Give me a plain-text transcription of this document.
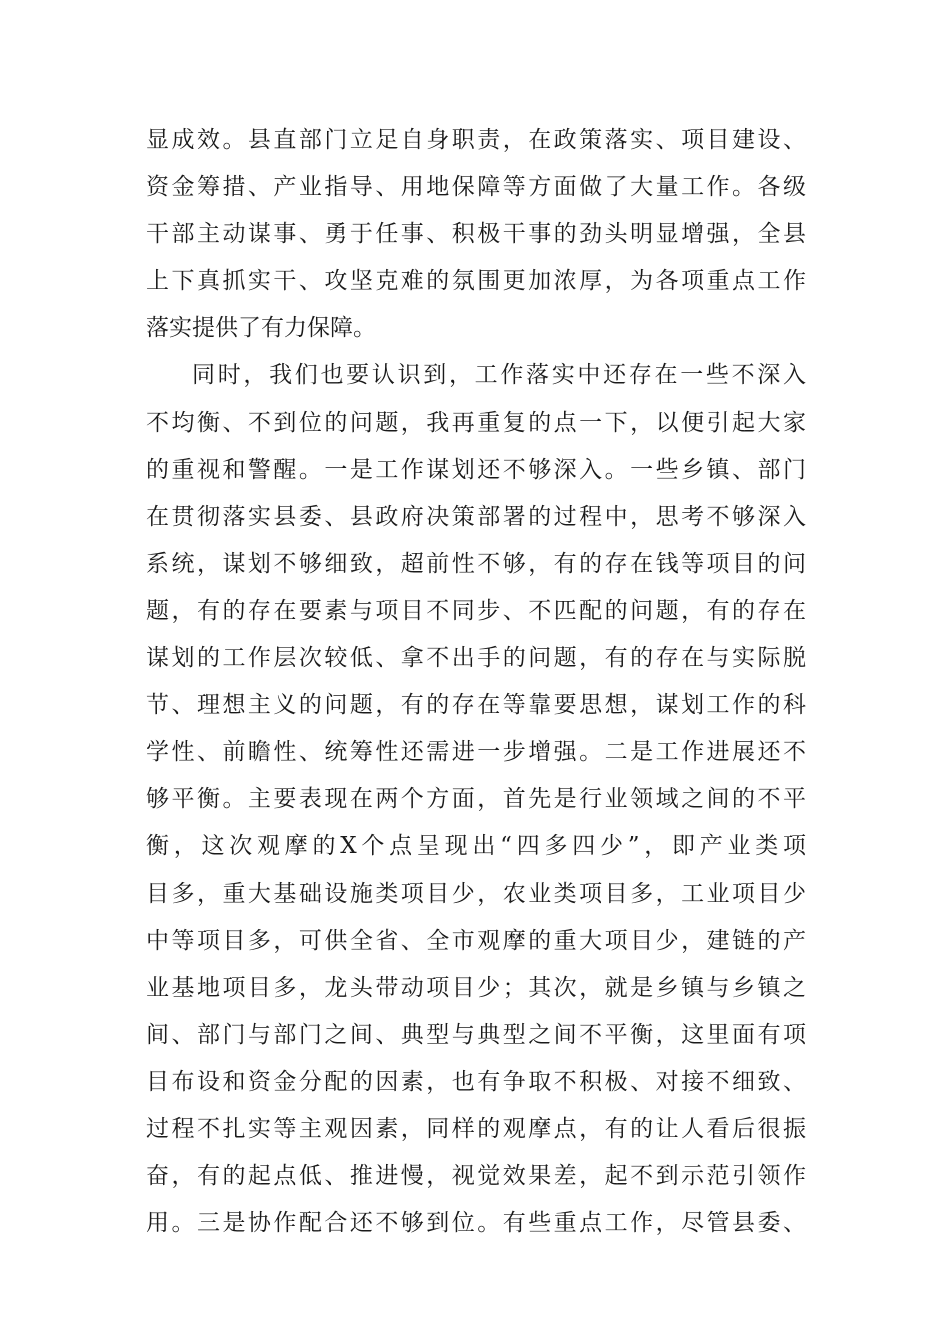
显成效。县直部门立足自身职责，在政策落实、项目建设、
资金筹措、产业指导、用地保障等方面做了大量工作。各级
干部主动谋事、勇于任事、积极干事的劲头明显增强，全县
上下真抓实干、攻坚克难的氛围更加浓厚，为各项重点工作
落实提供了有力保障。
同时，我们也要认识到，工作落实中还存在一些不深入
不均衡、不到位的问题，我再重复的点一下，以便引起大家
的重视和警醒。一是工作谋划还不够深入。一些乡镇、部门
在贯彻落实县委、县政府决策部署的过程中，思考不够深入
系统，谋划不够细致，超前性不够，有的存在钱等项目的问
题，有的存在要素与项目不同步、不匹配的问题，有的存在
谋划的工作层次较低、拿不出手的问题，有的存在与实际脱
节、理想主义的问题，有的存在等靠要思想，谋划工作的科
学性、前瞻性、统筹性还需进一步增强。二是工作进展还不
够平衡。主要表现在两个方面，首先是行业领域之间的不平
衡，这次观摩的X个点呈现出“四多四少”，即产业类项
目多，重大基础设施类项目少，农业类项目多，工业项目少
中等项目多，可供全省、全市观摩的重大项目少，建链的产
业基地项目多，龙头带动项目少；其次，就是乡镇与乡镇之
间、部门与部门之间、典型与典型之间不平衡，这里面有项
目布设和资金分配的因素，也有争取不积极、对接不细致、
过程不扎实等主观因素，同样的观摩点，有的让人看后很振
奋，有的起点低、推进慢，视觉效果差，起不到示范引领作
用。三是协作配合还不够到位。有些重点工作，尽管县委、
